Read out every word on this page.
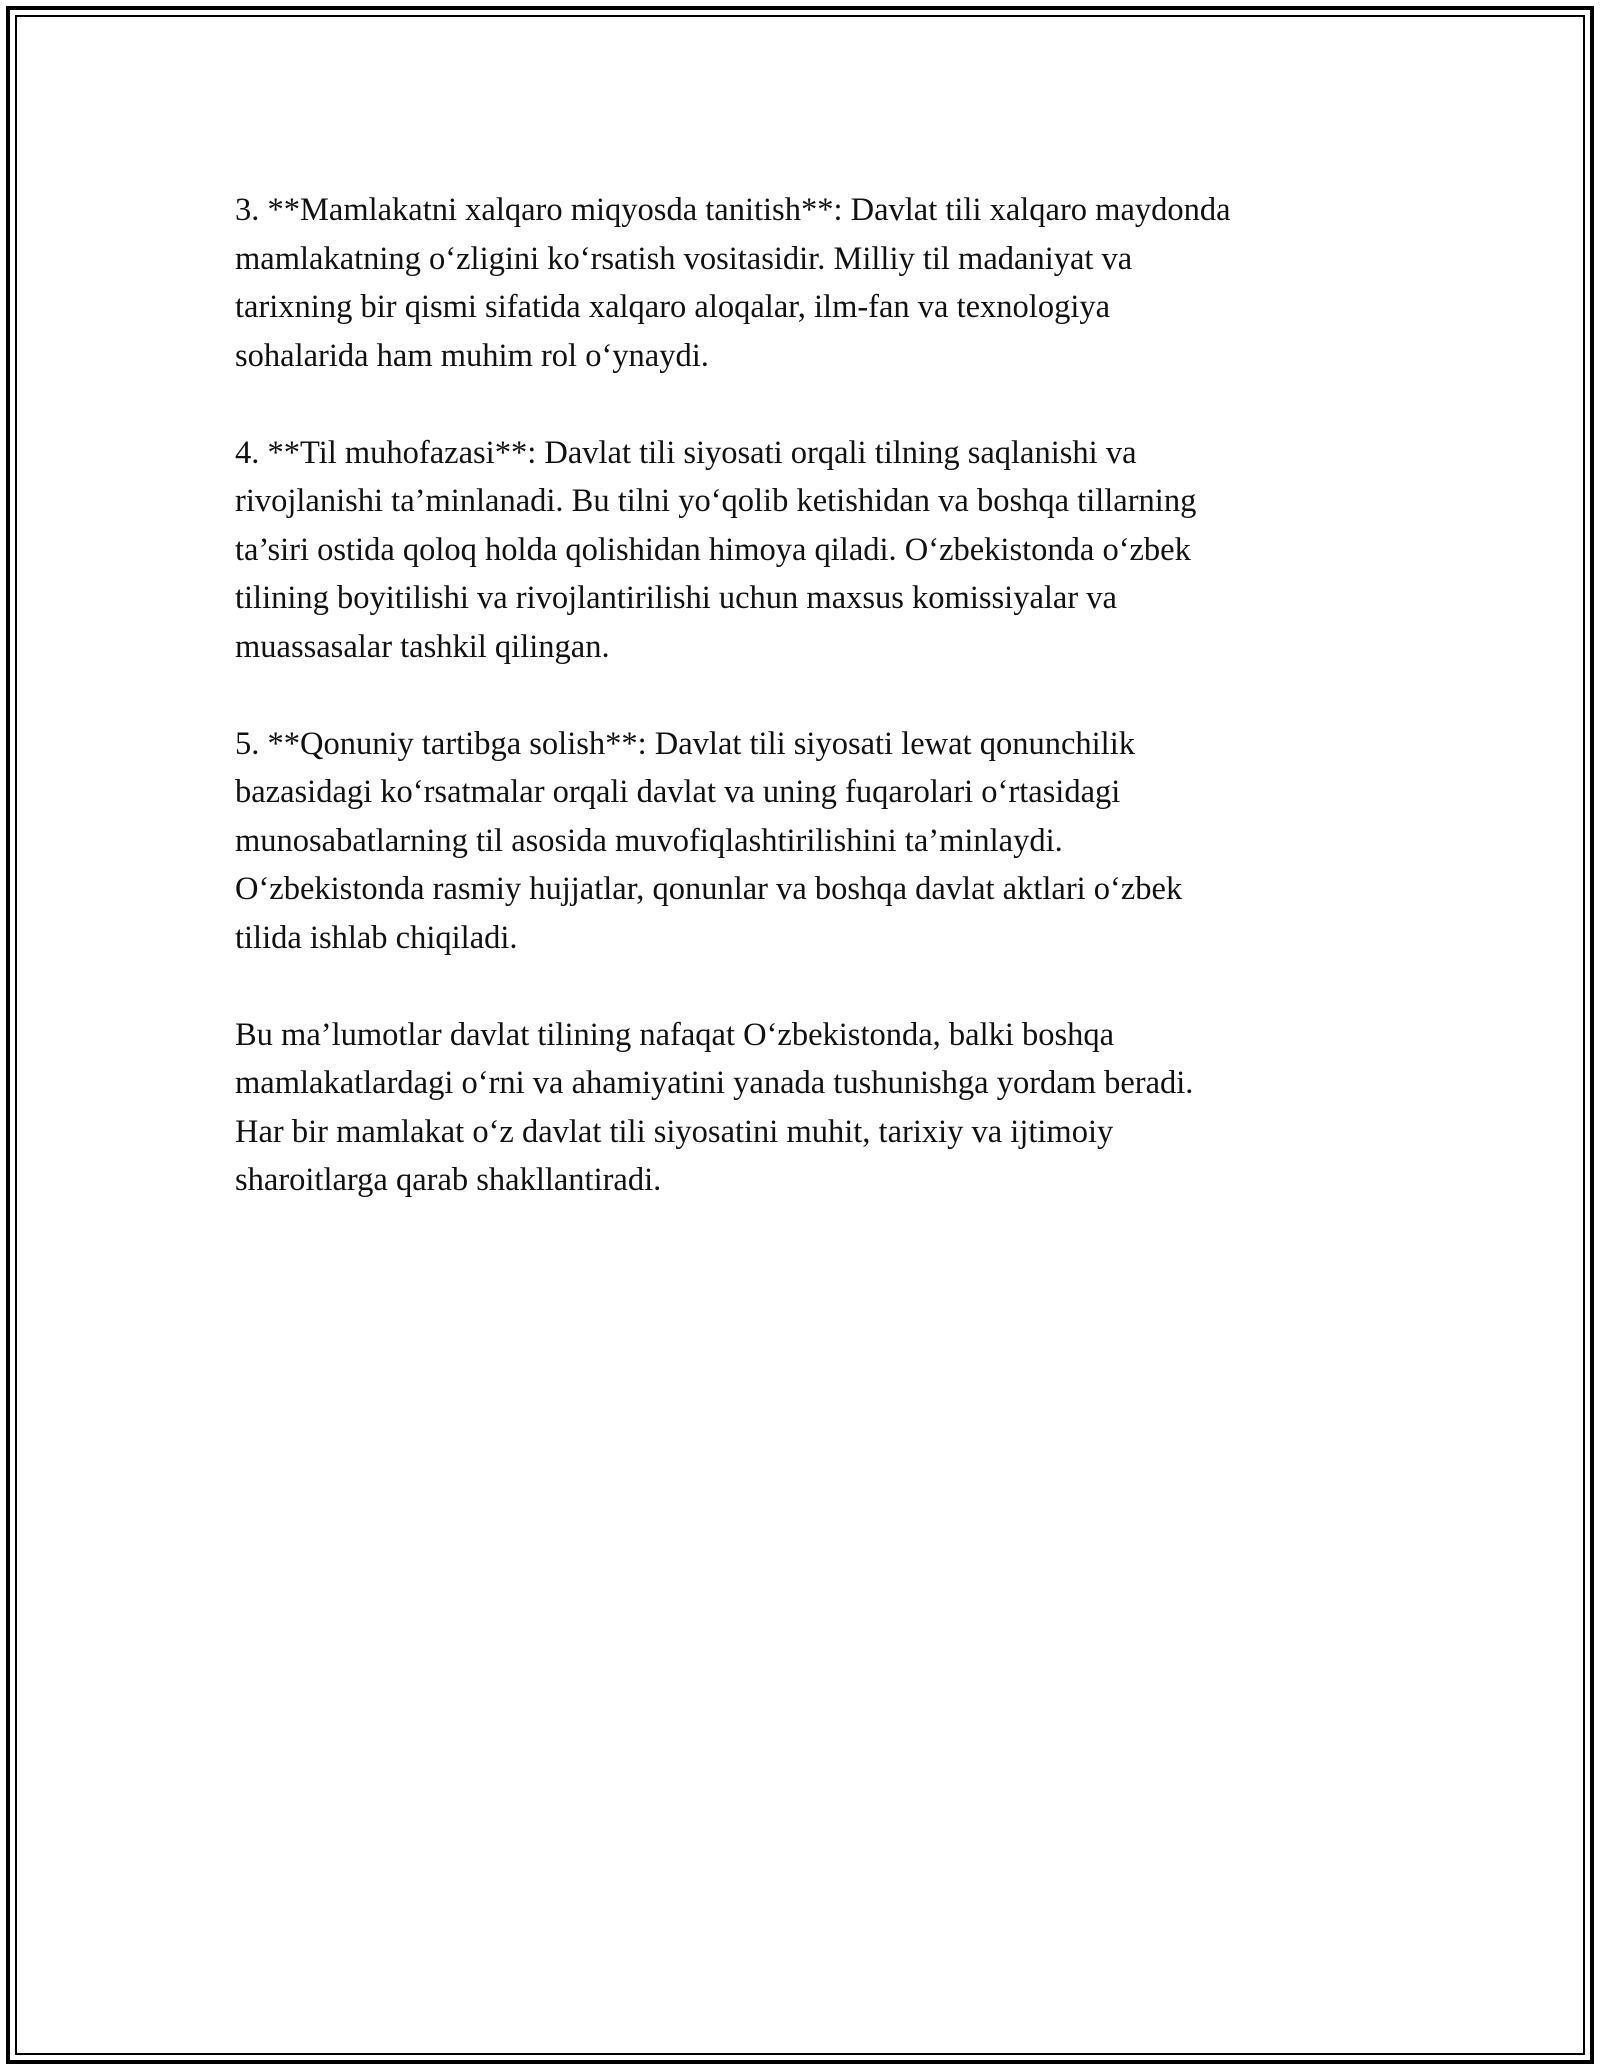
3. **Mamlakatni xalqaro miqyosda tanitish**: Davlat tili xalqaro maydonda
mamlakatning o‘zligini ko‘rsatish vositasidir. Milliy til madaniyat va
tarixning bir qismi sifatida xalqaro aloqalar, ilm-fan va texnologiya
sohalarida ham muhim rol o‘ynaydi.

4. **Til muhofazasi**: Davlat tili siyosati orqali tilning saqlanishi va
rivojlanishi ta’minlanadi. Bu tilni yo‘qolib ketishidan va boshqa tillarning
ta’siri ostida qoloq holda qolishidan himoya qiladi. O‘zbekistonda o‘zbek
tilining boyitilishi va rivojlantirilishi uchun maxsus komissiyalar va
muassasalar tashkil qilingan.

5. **Qonuniy tartibga solish**: Davlat tili siyosati lewat qonunchilik
bazasidagi ko‘rsatmalar orqali davlat va uning fuqarolari o‘rtasidagi
munosabatlarning til asosida muvofiqlashtirilishini ta’minlaydi.
O‘zbekistonda rasmiy hujjatlar, qonunlar va boshqa davlat aktlari o‘zbek
tilida ishlab chiqiladi.

Bu ma’lumotlar davlat tilining nafaqat O‘zbekistonda, balki boshqa
mamlakatlardagi o‘rni va ahamiyatini yanada tushunishga yordam beradi.
Har bir mamlakat o‘z davlat tili siyosatini muhit, tarixiy va ijtimoiy
sharoitlarga qarab shakllantiradi.
